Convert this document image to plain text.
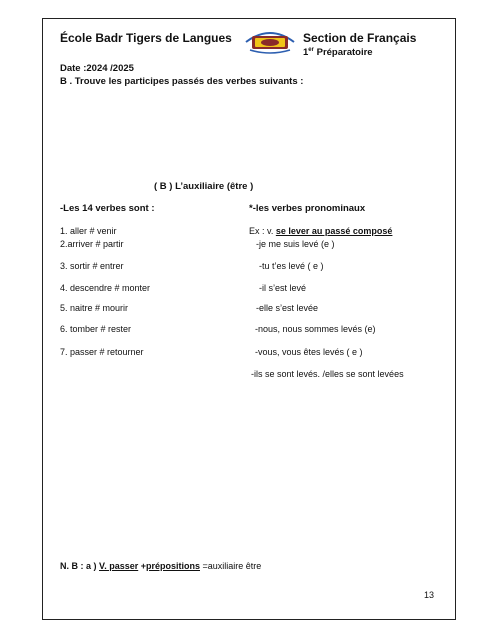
École Badr Tigers de Langues	Section de Français
1er Préparatoire
Date :2024 /2025
B . Trouve les participes passés des verbes suivants :
( B ) L’auxiliaire (être )
-Les 14 verbes sont :	*-les verbes pronominaux
1. aller # venir
2.arriver # partir
3. sortir # entrer
4. descendre # monter
5. naitre # mourir
6. tomber # rester
7. passer # retourner
Ex : v. se lever au passé composé
-je me suis levé (e )
-tu t’es levé ( e )
-il s’est levé
-elle s’est levée
-nous, nous sommes levés (e)
-vous, vous êtes levés ( e )
-ils se sont levés. /elles se sont levées
N. B : a ) V. passer +prépositions =auxiliaire être
13
